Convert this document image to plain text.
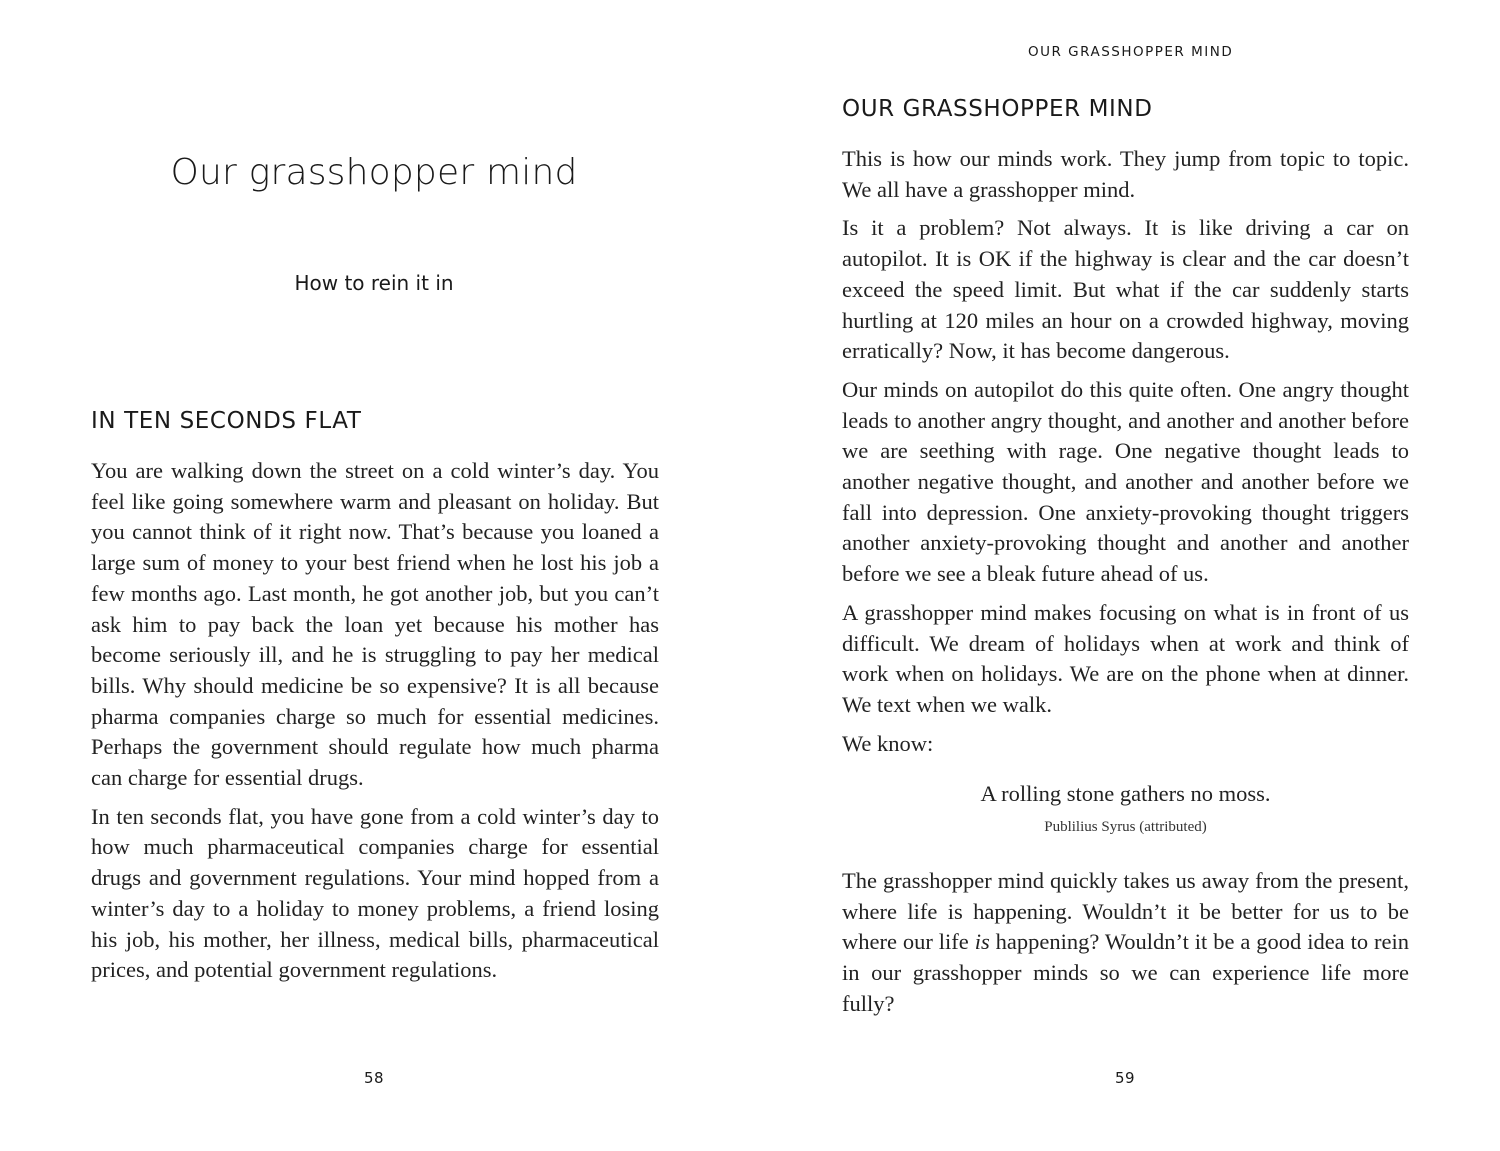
Our grasshopper mind
How to rein it in
IN TEN SECONDS FLAT

You are walking down the street on a cold winter’s day. You feel like going somewhere warm and pleasant on holiday. But you cannot think of it right now. That’s because you loaned a large sum of money to your best friend when he lost his job a few months ago. Last month, he got another job, but you can’t ask him to pay back the loan yet because his mother has become seriously ill, and he is struggling to pay her medical bills. Why should medicine be so expensive? It is all because pharma companies charge so much for essential medicines. Perhaps the government should regulate how much pharma can charge for essential drugs.

In ten seconds flat, you have gone from a cold winter’s day to how much pharmaceutical companies charge for essential drugs and government regulations. Your mind hopped from a winter’s day to a holiday to money problems, a friend losing his job, his mother, her illness, medical bills, pharmaceutical prices, and potential government regulations.

58
OUR GRASSHOPPER MIND
OUR GRASSHOPPER MIND

This is how our minds work. They jump from topic to topic. We all have a grasshopper mind.

Is it a problem? Not always. It is like driving a car on autopilot. It is OK if the highway is clear and the car doesn’t exceed the speed limit. But what if the car suddenly starts hurtling at 120 miles an hour on a crowded highway, moving erratically? Now, it has become dangerous.

Our minds on autopilot do this quite often. One angry thought leads to another angry thought, and another and another before we are seething with rage. One negative thought leads to another negative thought, and another and another before we fall into depression. One anxiety-provoking thought triggers another anxiety-provoking thought and another and another before we see a bleak future ahead of us.

A grasshopper mind makes focusing on what is in front of us difficult. We dream of holidays when at work and think of work when on holidays. We are on the phone when at dinner. We text when we walk.

We know:

A rolling stone gathers no moss.
Publilius Syrus (attributed)

The grasshopper mind quickly takes us away from the present, where life is happening. Wouldn’t it be better for us to be where our life is happening? Wouldn’t it be a good idea to rein in our grasshopper minds so we can experience life more fully?

59
